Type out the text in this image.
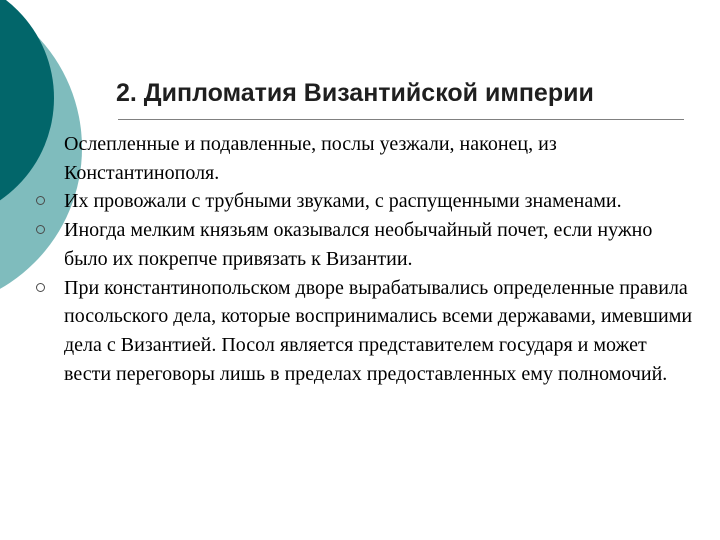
2. Дипломатия Византийской империи
Ослепленные и подавленные, послы уезжали, наконец, из Константинополя.
Их провожали с трубными звуками, с распущенными знаменами.
Иногда мелким князьям оказывался необычайный почет, если нужно было их покрепче привязать к Византии.
При константинопольском дворе вырабатывались определенные правила посольского дела, которые воспринимались всеми державами, имевшими дела с Византией. Посол является представителем государя и может вести переговоры лишь в пределах предоставленных ему полномочий.
